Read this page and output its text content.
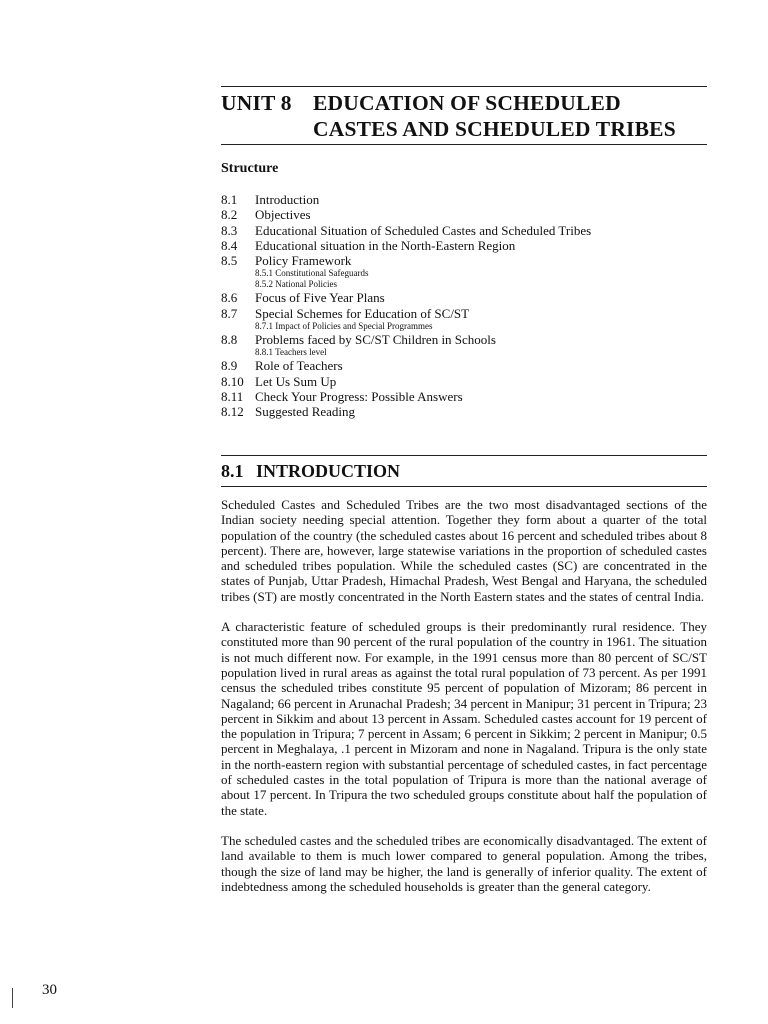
UNIT 8 EDUCATION OF SCHEDULED
CASTES AND SCHEDULED TRIBES
Structure
8.1	Introduction
8.2	Objectives
8.3	Educational Situation of Scheduled Castes and Scheduled Tribes
8.4	Educational situation in the North-Eastern Region
8.5	Policy Framework
8.5.1 Constitutional Safeguards
8.5.2 National Policies
8.6	Focus of Five Year Plans
8.7	Special Schemes for Education of SC/ST
8.7.1 Impact of Policies and Special Programmes
8.8	Problems faced by SC/ST Children in Schools
8.8.1 Teachers level
8.9	Role of Teachers
8.10 Let Us Sum Up
8.11 Check Your Progress: Possible Answers
8.12 Suggested Reading
8.1 INTRODUCTION

Scheduled Castes and Scheduled Tribes are the two most disadvantaged sections of the Indian society needing special attention. Together they form about a quarter of the total population of the country (the scheduled castes about 16 percent and scheduled tribes about 8 percent). There are, however, large statewise variations in the proportion of scheduled castes and scheduled tribes population. While the scheduled castes (SC) are concentrated in the states of Punjab, Uttar Pradesh, Himachal Pradesh, West Bengal and Haryana, the scheduled tribes (ST) are mostly concentrated in the North Eastern states and the states of central India.

A characteristic feature of scheduled groups is their predominantly rural residence. They constituted more than 90 percent of the rural population of the country in 1961. The situation is not much different now. For example, in the 1991 census more than 80 percent of SC/ST population lived in rural areas as against the total rural population of 73 percent. As per 1991 census the scheduled tribes constitute 95 percent of population of Mizoram; 86 percent in Nagaland; 66 percent in Arunachal Pradesh; 34 percent in Manipur; 31 percent in Tripura; 23 percent in Sikkim and about 13 percent in Assam. Scheduled castes account for 19 percent of the population in Tripura; 7 percent in Assam; 6 percent in Sikkim; 2 percent in Manipur; 0.5 percent in Meghalaya, .1 percent in Mizoram and none in Nagaland. Tripura is the only state in the north-eastern region with substantial percentage of scheduled castes, in fact percentage of scheduled castes in the total population of Tripura is more than the national average of about 17 percent. In Tripura the two scheduled groups constitute about half the population of the state.

The scheduled castes and the scheduled tribes are economically disadvantaged. The extent of land available to them is much lower compared to general population. Among the tribes, though the size of land may be higher, the land is generally of inferior quality. The extent of indebtedness among the scheduled households is greater than the general category.

30
